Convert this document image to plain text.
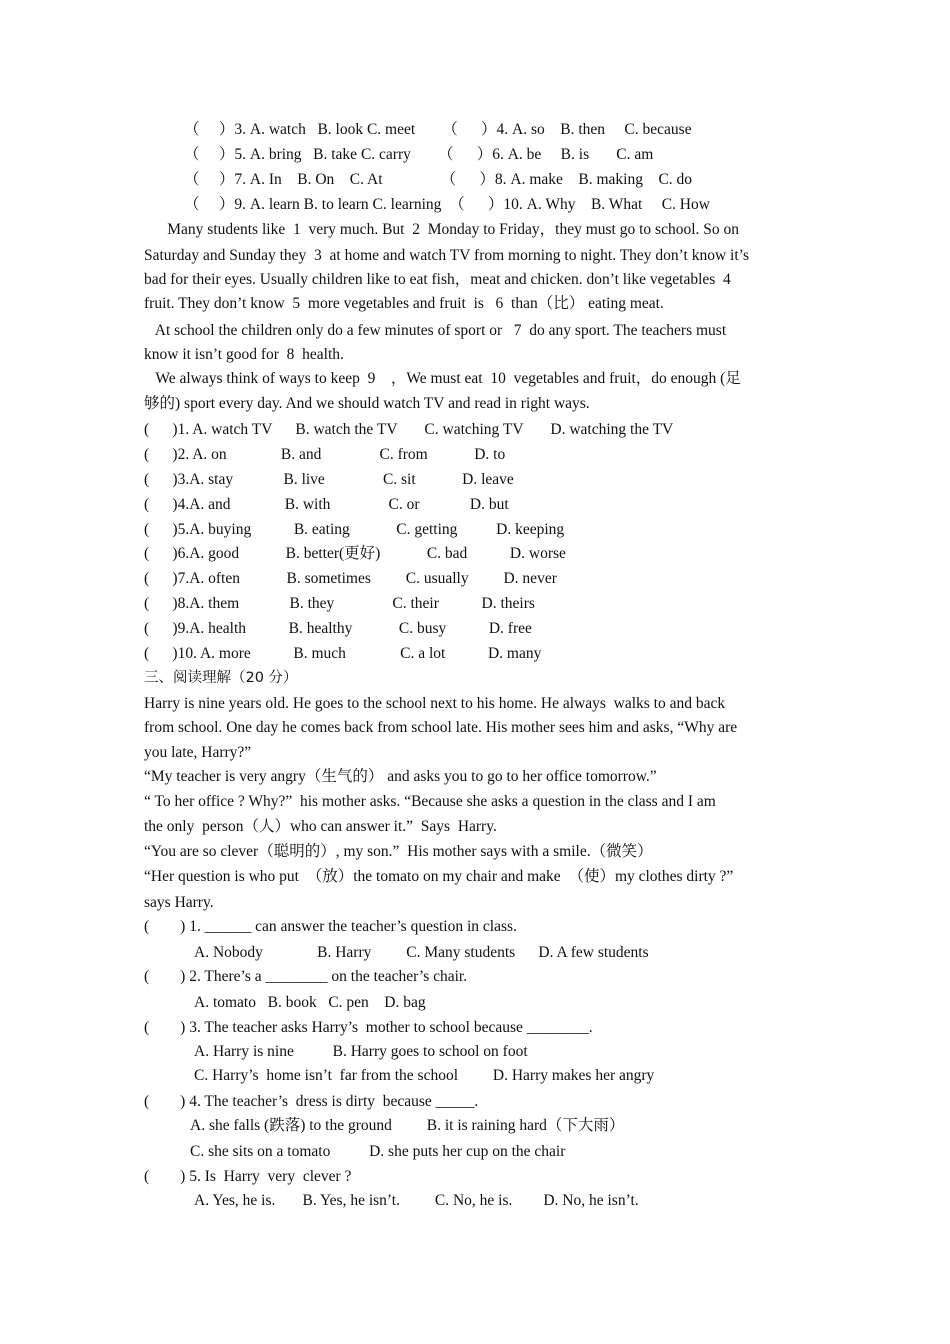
（　 ）3. A. watch   B. look C. meet       （　  ）4. A. so    B. then     C. because
（　 ）5. A. bring   B. take C. carry       （　  ）6. A. be     B. is       C. am
（　 ）7. A. In    B. On    C. At               （　  ）8. A. make    B. making    C. do
（　 ）9. A. learn B. to learn C. learning  （　  ）10. A. Why    B. What     C. How
Many students like  1  very much. But  2  Monday to Friday，they must go to school. So on
Saturday and Sunday they  3  at home and watch TV from morning to night. They don’t know it’s
bad for their eyes. Usually children like to eat fish，meat and chicken. don’t like vegetables  4
fruit. They don’t know  5  more vegetables and fruit  is   6  than（比） eating meat.
At school the children only do a few minutes of sport or   7  do any sport. The teachers must
know it isn’t good for  8  health.
We always think of ways to keep  9    ，We must eat  10  vegetables and fruit，do enough (足
够的) sport every day. And we should watch TV and read in right ways.
(      )1. A. watch TV      B. watch the TV       C. watching TV       D. watching the TV
(      )2. A. on              B. and               C. from            D. to
(      )3.A. stay             B. live               C. sit            D. leave
(      )4.A. and              B. with               C. or             D. but
(      )5.A. buying           B. eating            C. getting          D. keeping
(      )6.A. good            B. better(更好)            C. bad           D. worse
(      )7.A. often            B. sometimes         C. usually         D. never
(      )8.A. them             B. they               C. their           D. theirs
(      )9.A. health           B. healthy            C. busy           D. free
(      )10. A. more           B. much              C. a lot           D. many
三、阅读理解（20 分）
Harry is nine years old. He goes to the school next to his home. He always  walks to and back
from school. One day he comes back from school late. His mother sees him and asks, “Why are
you late, Harry?”
“My teacher is very angry（生气的） and asks you to go to her office tomorrow.”
“ To her office ? Why?”  his mother asks. “Because she asks a question in the class and I am
the only  person（人）who can answer it.”  Says  Harry.
“You are so clever（聪明的）, my son.”  His mother says with a smile.（微笑）
“Her question is who put  （放）the tomato on my chair and make  （使）my clothes dirty ?”
says Harry.
(        ) 1. ______ can answer the teacher’s question in class.
A. Nobody              B. Harry         C. Many students      D. A few students
(        ) 2. There’s a ________ on the teacher’s chair.
A. tomato   B. book   C. pen    D. bag
(        ) 3. The teacher asks Harry’s  mother to school because ________.
A. Harry is nine          B. Harry goes to school on foot
C. Harry’s  home isn’t  far from the school         D. Harry makes her angry
(        ) 4. The teacher’s  dress is dirty  because _____.
A. she falls (跌落) to the ground         B. it is raining hard（下大雨）
C. she sits on a tomato          D. she puts her cup on the chair
(        ) 5. Is  Harry  very  clever ?
A. Yes, he is.       B. Yes, he isn’t.         C. No, he is.        D. No, he isn’t.
